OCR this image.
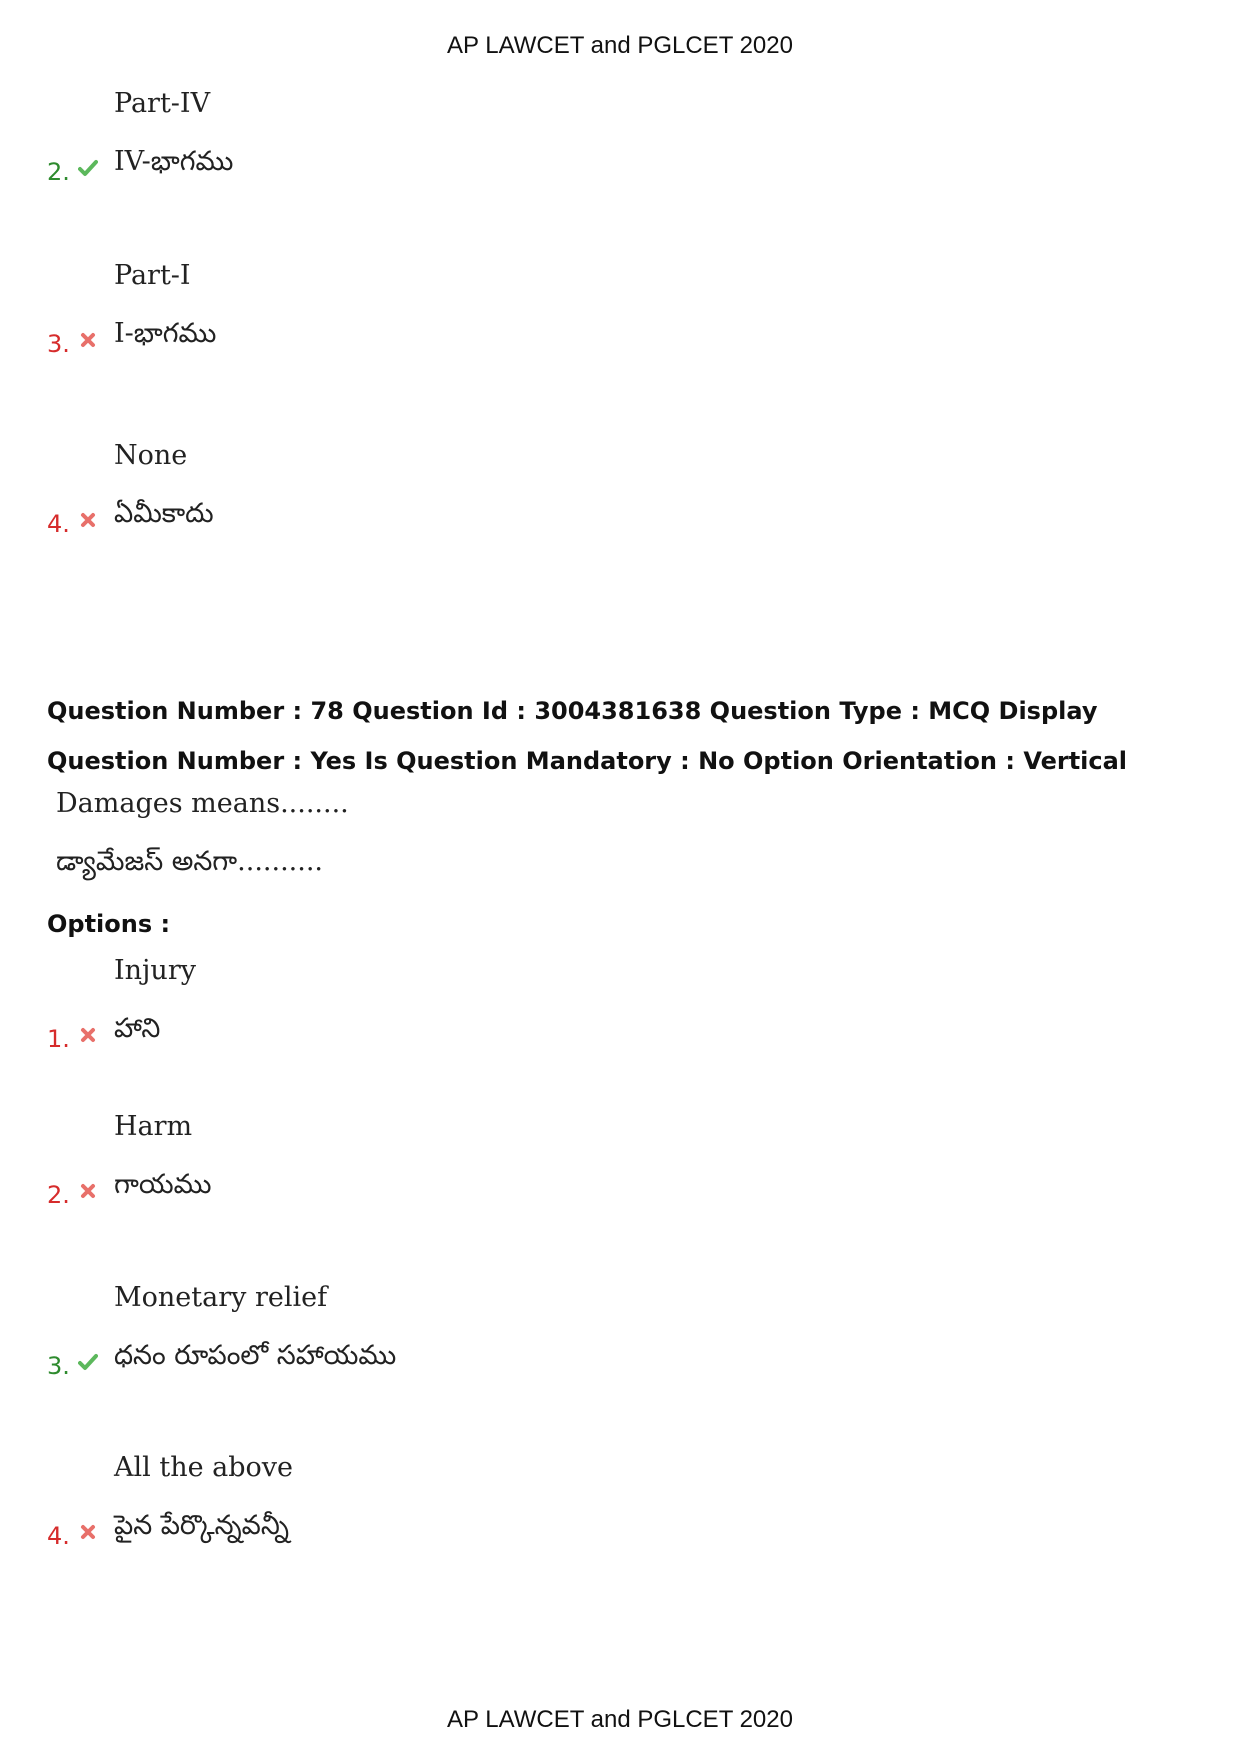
AP LAWCET and PGLCET 2020
Part-IV
IV-భాగము
2.
Part-I
I-భాగము
3.
None
ఏమీకాదు
4.
Question Number : 78 Question Id : 3004381638 Question Type : MCQ Display Question Number : Yes Is Question Mandatory : No Option Orientation : Vertical
Damages means........
డ్యామేజస్ అనగా..........
Options :
Injury
హాని
1.
Harm
గాయము
2.
Monetary relief
ధనం రూపంలో సహాయము
3.
All the above
పైన పేర్కొన్నవన్నీ
4.
AP LAWCET and PGLCET 2020
